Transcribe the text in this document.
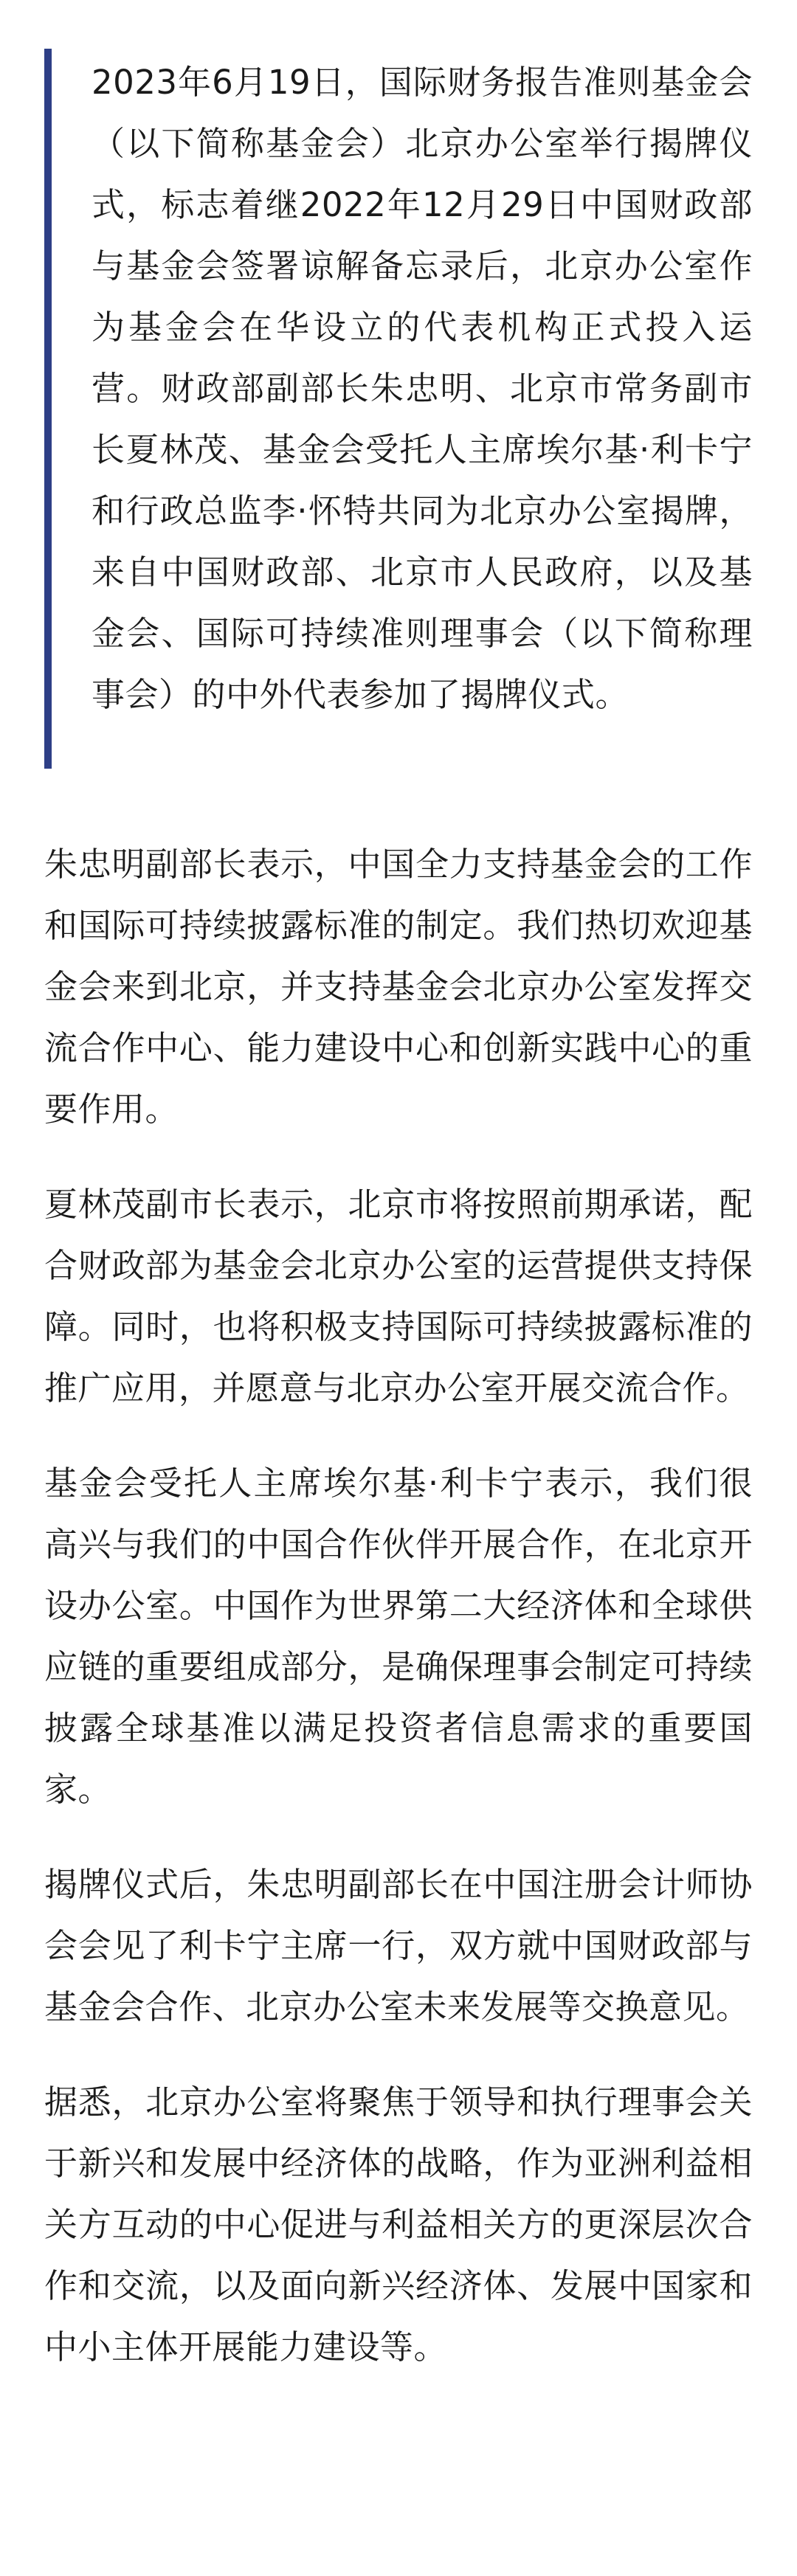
2023年6月19日，国际财务报告准则基金会（以下简称基金会）北京办公室举行揭牌仪式，标志着继2022年12月29日中国财政部与基金会签署谅解备忘录后，北京办公室作为基金会在华设立的代表机构正式投入运营。财政部副部长朱忠明、北京市常务副市长夏林茂、基金会受托人主席埃尔基·利卡宁和行政总监李·怀特共同为北京办公室揭牌，来自中国财政部、北京市人民政府，以及基金会、国际可持续准则理事会（以下简称理事会）的中外代表参加了揭牌仪式。

朱忠明副部长表示，中国全力支持基金会的工作和国际可持续披露标准的制定。我们热切欢迎基金会来到北京，并支持基金会北京办公室发挥交流合作中心、能力建设中心和创新实践中心的重要作用。

夏林茂副市长表示，北京市将按照前期承诺，配合财政部为基金会北京办公室的运营提供支持保障。同时，也将积极支持国际可持续披露标准的推广应用，并愿意与北京办公室开展交流合作。

基金会受托人主席埃尔基·利卡宁表示，我们很高兴与我们的中国合作伙伴开展合作，在北京开设办公室。中国作为世界第二大经济体和全球供应链的重要组成部分，是确保理事会制定可持续披露全球基准以满足投资者信息需求的重要国家。

揭牌仪式后，朱忠明副部长在中国注册会计师协会会见了利卡宁主席一行，双方就中国财政部与基金会合作、北京办公室未来发展等交换意见。

据悉，北京办公室将聚焦于领导和执行理事会关于新兴和发展中经济体的战略，作为亚洲利益相关方互动的中心促进与利益相关方的更深层次合作和交流，以及面向新兴经济体、发展中国家和中小主体开展能力建设等。
